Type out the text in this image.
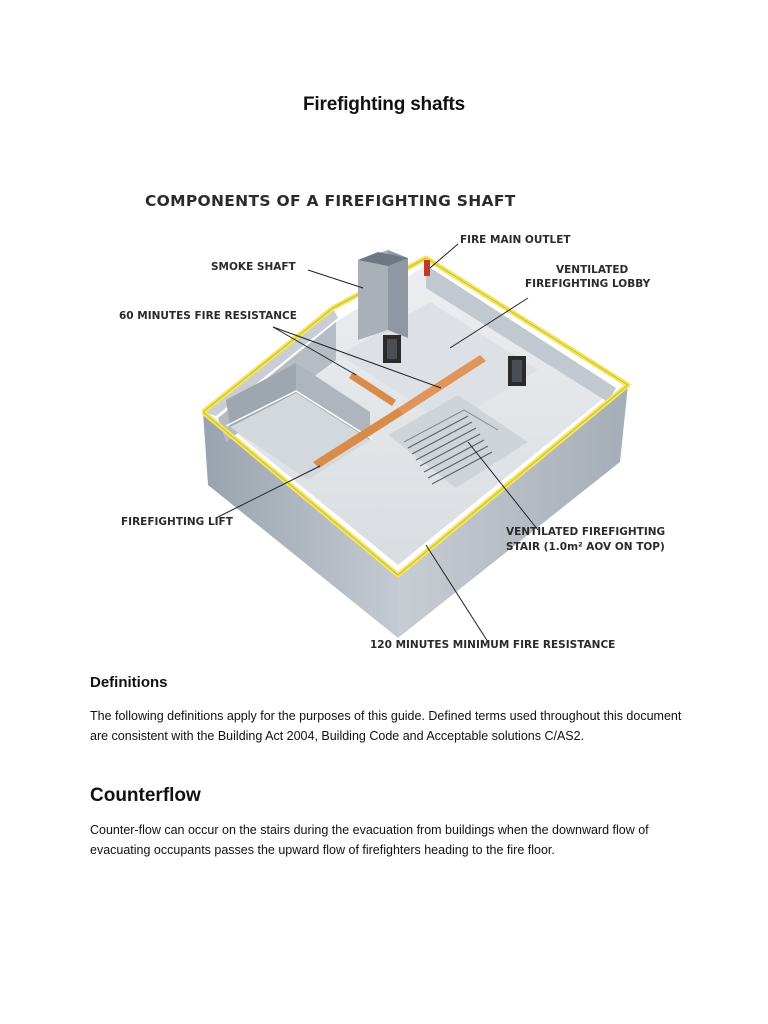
Firefighting shafts
COMPONENTS OF A FIREFIGHTING SHAFT
SMOKE SHAFT
FIRE MAIN OUTLET
VENTILATED
FIREFIGHTING LOBBY
60 MINUTES FIRE RESISTANCE
FIREFIGHTING LIFT
VENTILATED FIREFIGHTING
STAIR (1.0m² AOV ON TOP)
120 MINUTES MINIMUM FIRE RESISTANCE
Definitions
The following definitions apply for the purposes of this guide. Defined terms used throughout this document are consistent with the Building Act 2004, Building Code and Acceptable solutions C/AS2.
Counterflow
Counter-flow can occur on the stairs during the evacuation from buildings when the downward flow of evacuating occupants passes the upward flow of firefighters heading to the fire floor.
